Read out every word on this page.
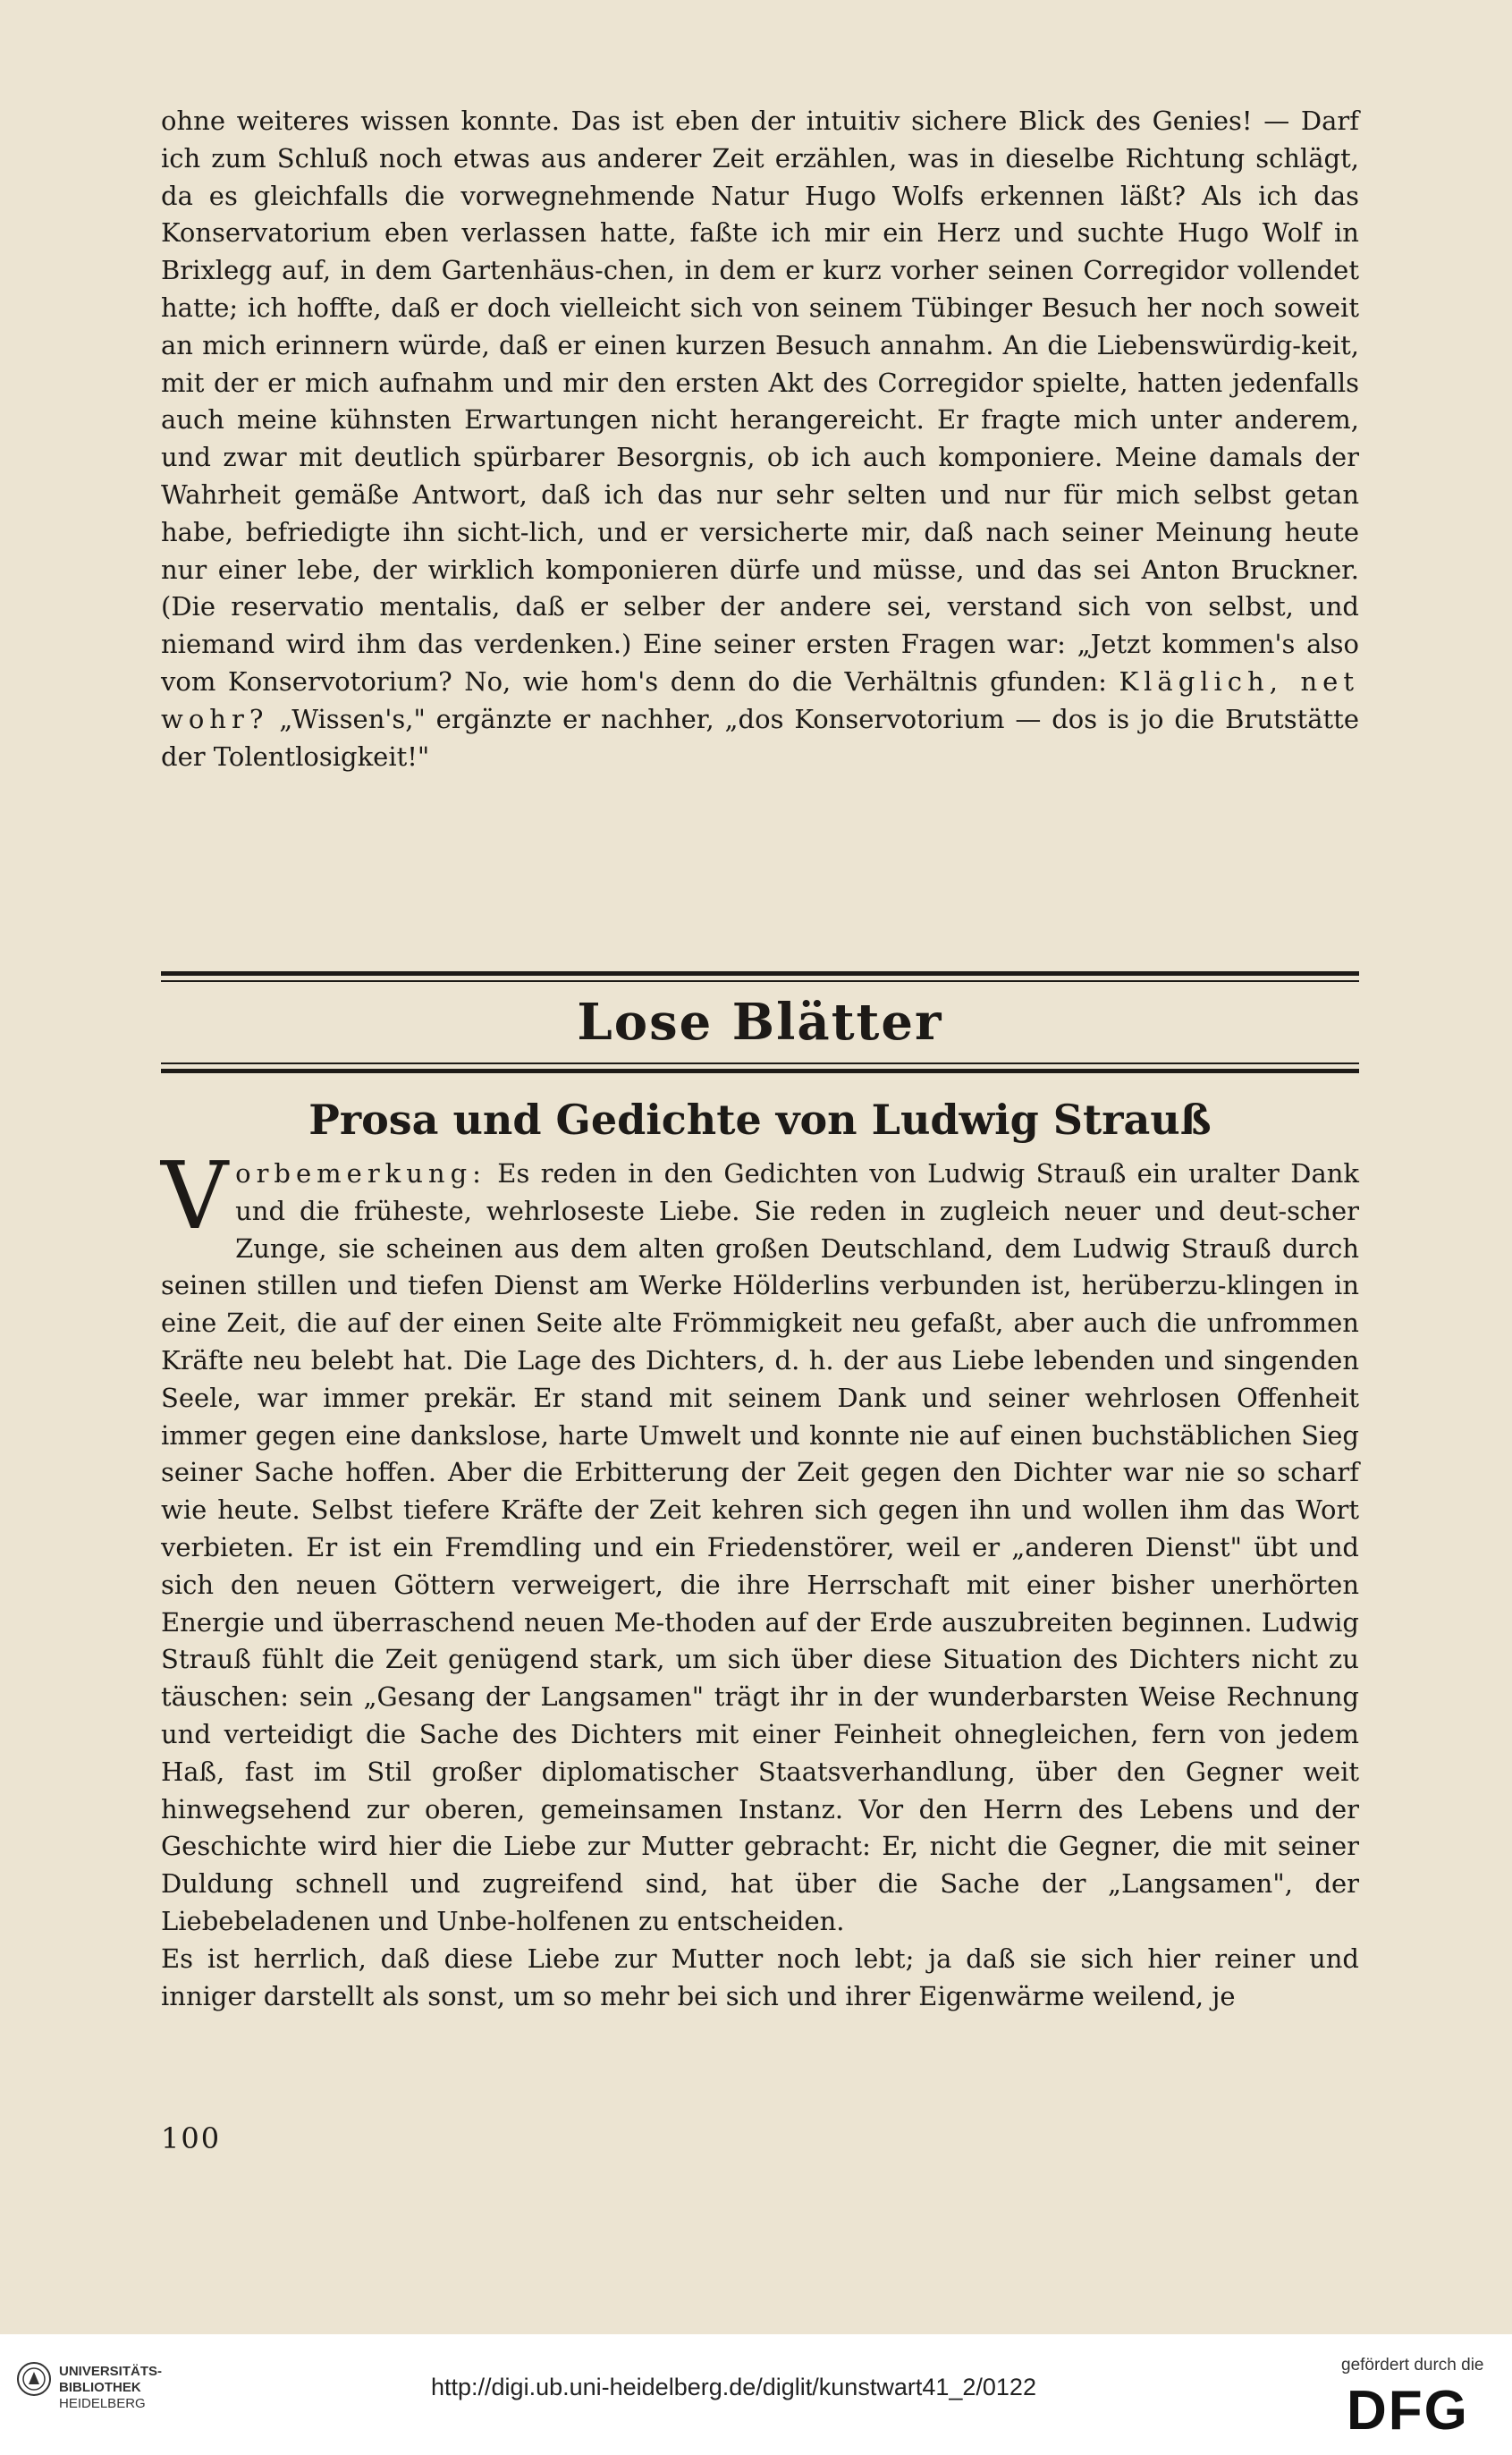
ohne weiteres wissen konnte. Das ist eben der intuitiv sichere Blick des Genies! — Darf ich zum Schluß noch etwas aus anderer Zeit erzählen, was in dieselbe Richtung schlägt, da es gleichfalls die vorwegnehmende Natur Hugo Wolfs erkennen läßt? Als ich das Konservatorium eben verlassen hatte, faßte ich mir ein Herz und suchte Hugo Wolf in Brixlegg auf, in dem Gartenhäus-chen, in dem er kurz vorher seinen Corregidor vollendet hatte; ich hoffte, daß er doch vielleicht sich von seinem Tübinger Besuch her noch soweit an mich erinnern würde, daß er einen kurzen Besuch annahm. An die Liebenswürdig-keit, mit der er mich aufnahm und mir den ersten Akt des Corregidor spielte, hatten jedenfalls auch meine kühnsten Erwartungen nicht herangereicht. Er fragte mich unter anderem, und zwar mit deutlich spürbarer Besorgnis, ob ich auch komponiere. Meine damals der Wahrheit gemäße Antwort, daß ich das nur sehr selten und nur für mich selbst getan habe, befriedigte ihn sicht-lich, und er versicherte mir, daß nach seiner Meinung heute nur einer lebe, der wirklich komponieren dürfe und müsse, und das sei Anton Bruckner. (Die reservatio mentalis, daß er selber der andere sei, verstand sich von selbst, und niemand wird ihm das verdenken.) Eine seiner ersten Fragen war: „Jetzt kommen's also vom Konservotorium? No, wie hom's denn do die Verhältnis gfunden: Kläglich, net wohr? „Wissen's," ergänzte er nachher, „dos Konservotorium — dos is jo die Brutstätte der Tolentlosigkeit!"

Lose Blätter
Prosa und Gedichte von Ludwig Strauß

V orbemerkung: Es reden in den Gedichten von Ludwig Strauß ein uralter Dank und die früheste, wehrloseste Liebe. Sie reden in zugleich neuer und deut-scher Zunge, sie scheinen aus dem alten großen Deutschland, dem Ludwig Strauß durch seinen stillen und tiefen Dienst am Werke Hölderlins verbunden ist, herüberzu-klingen in eine Zeit, die auf der einen Seite alte Frömmigkeit neu gefaßt, aber auch die unfrommen Kräfte neu belebt hat. Die Lage des Dichters, d. h. der aus Liebe lebenden und singenden Seele, war immer prekär. Er stand mit seinem Dank und seiner wehrlosen Offenheit immer gegen eine dankslose, harte Umwelt und konnte nie auf einen buchstäblichen Sieg seiner Sache hoffen. Aber die Erbitterung der Zeit gegen den Dichter war nie so scharf wie heute. Selbst tiefere Kräfte der Zeit kehren sich gegen ihn und wollen ihm das Wort verbieten. Er ist ein Fremdling und ein Friedenstörer, weil er „anderen Dienst" übt und sich den neuen Göttern verweigert, die ihre Herrschaft mit einer bisher unerhörten Energie und überraschend neuen Me-thoden auf der Erde auszubreiten beginnen. Ludwig Strauß fühlt die Zeit genügend stark, um sich über diese Situation des Dichters nicht zu täuschen: sein „Gesang der Langsamen" trägt ihr in der wunderbarsten Weise Rechnung und verteidigt die Sache des Dichters mit einer Feinheit ohnegleichen, fern von jedem Haß, fast im Stil großer diplomatischer Staatsverhandlung, über den Gegner weit hinwegsehend zur oberen, gemeinsamen Instanz. Vor den Herrn des Lebens und der Geschichte wird hier die Liebe zur Mutter gebracht: Er, nicht die Gegner, die mit seiner Duldung schnell und zugreifend sind, hat über die Sache der „Langsamen", der Liebebeladenen und Unbe-holfenen zu entscheiden.

Es ist herrlich, daß diese Liebe zur Mutter noch lebt; ja daß sie sich hier reiner und inniger darstellt als sonst, um so mehr bei sich und ihrer Eigenwärme weilend, je

100

UNIVERSITÄTS-
BIBLIOTHEK
HEIDELBERG
http://digi.ub.uni-heidelberg.de/diglit/kunstwart41_2/0122
gefördert durch die
DFG
